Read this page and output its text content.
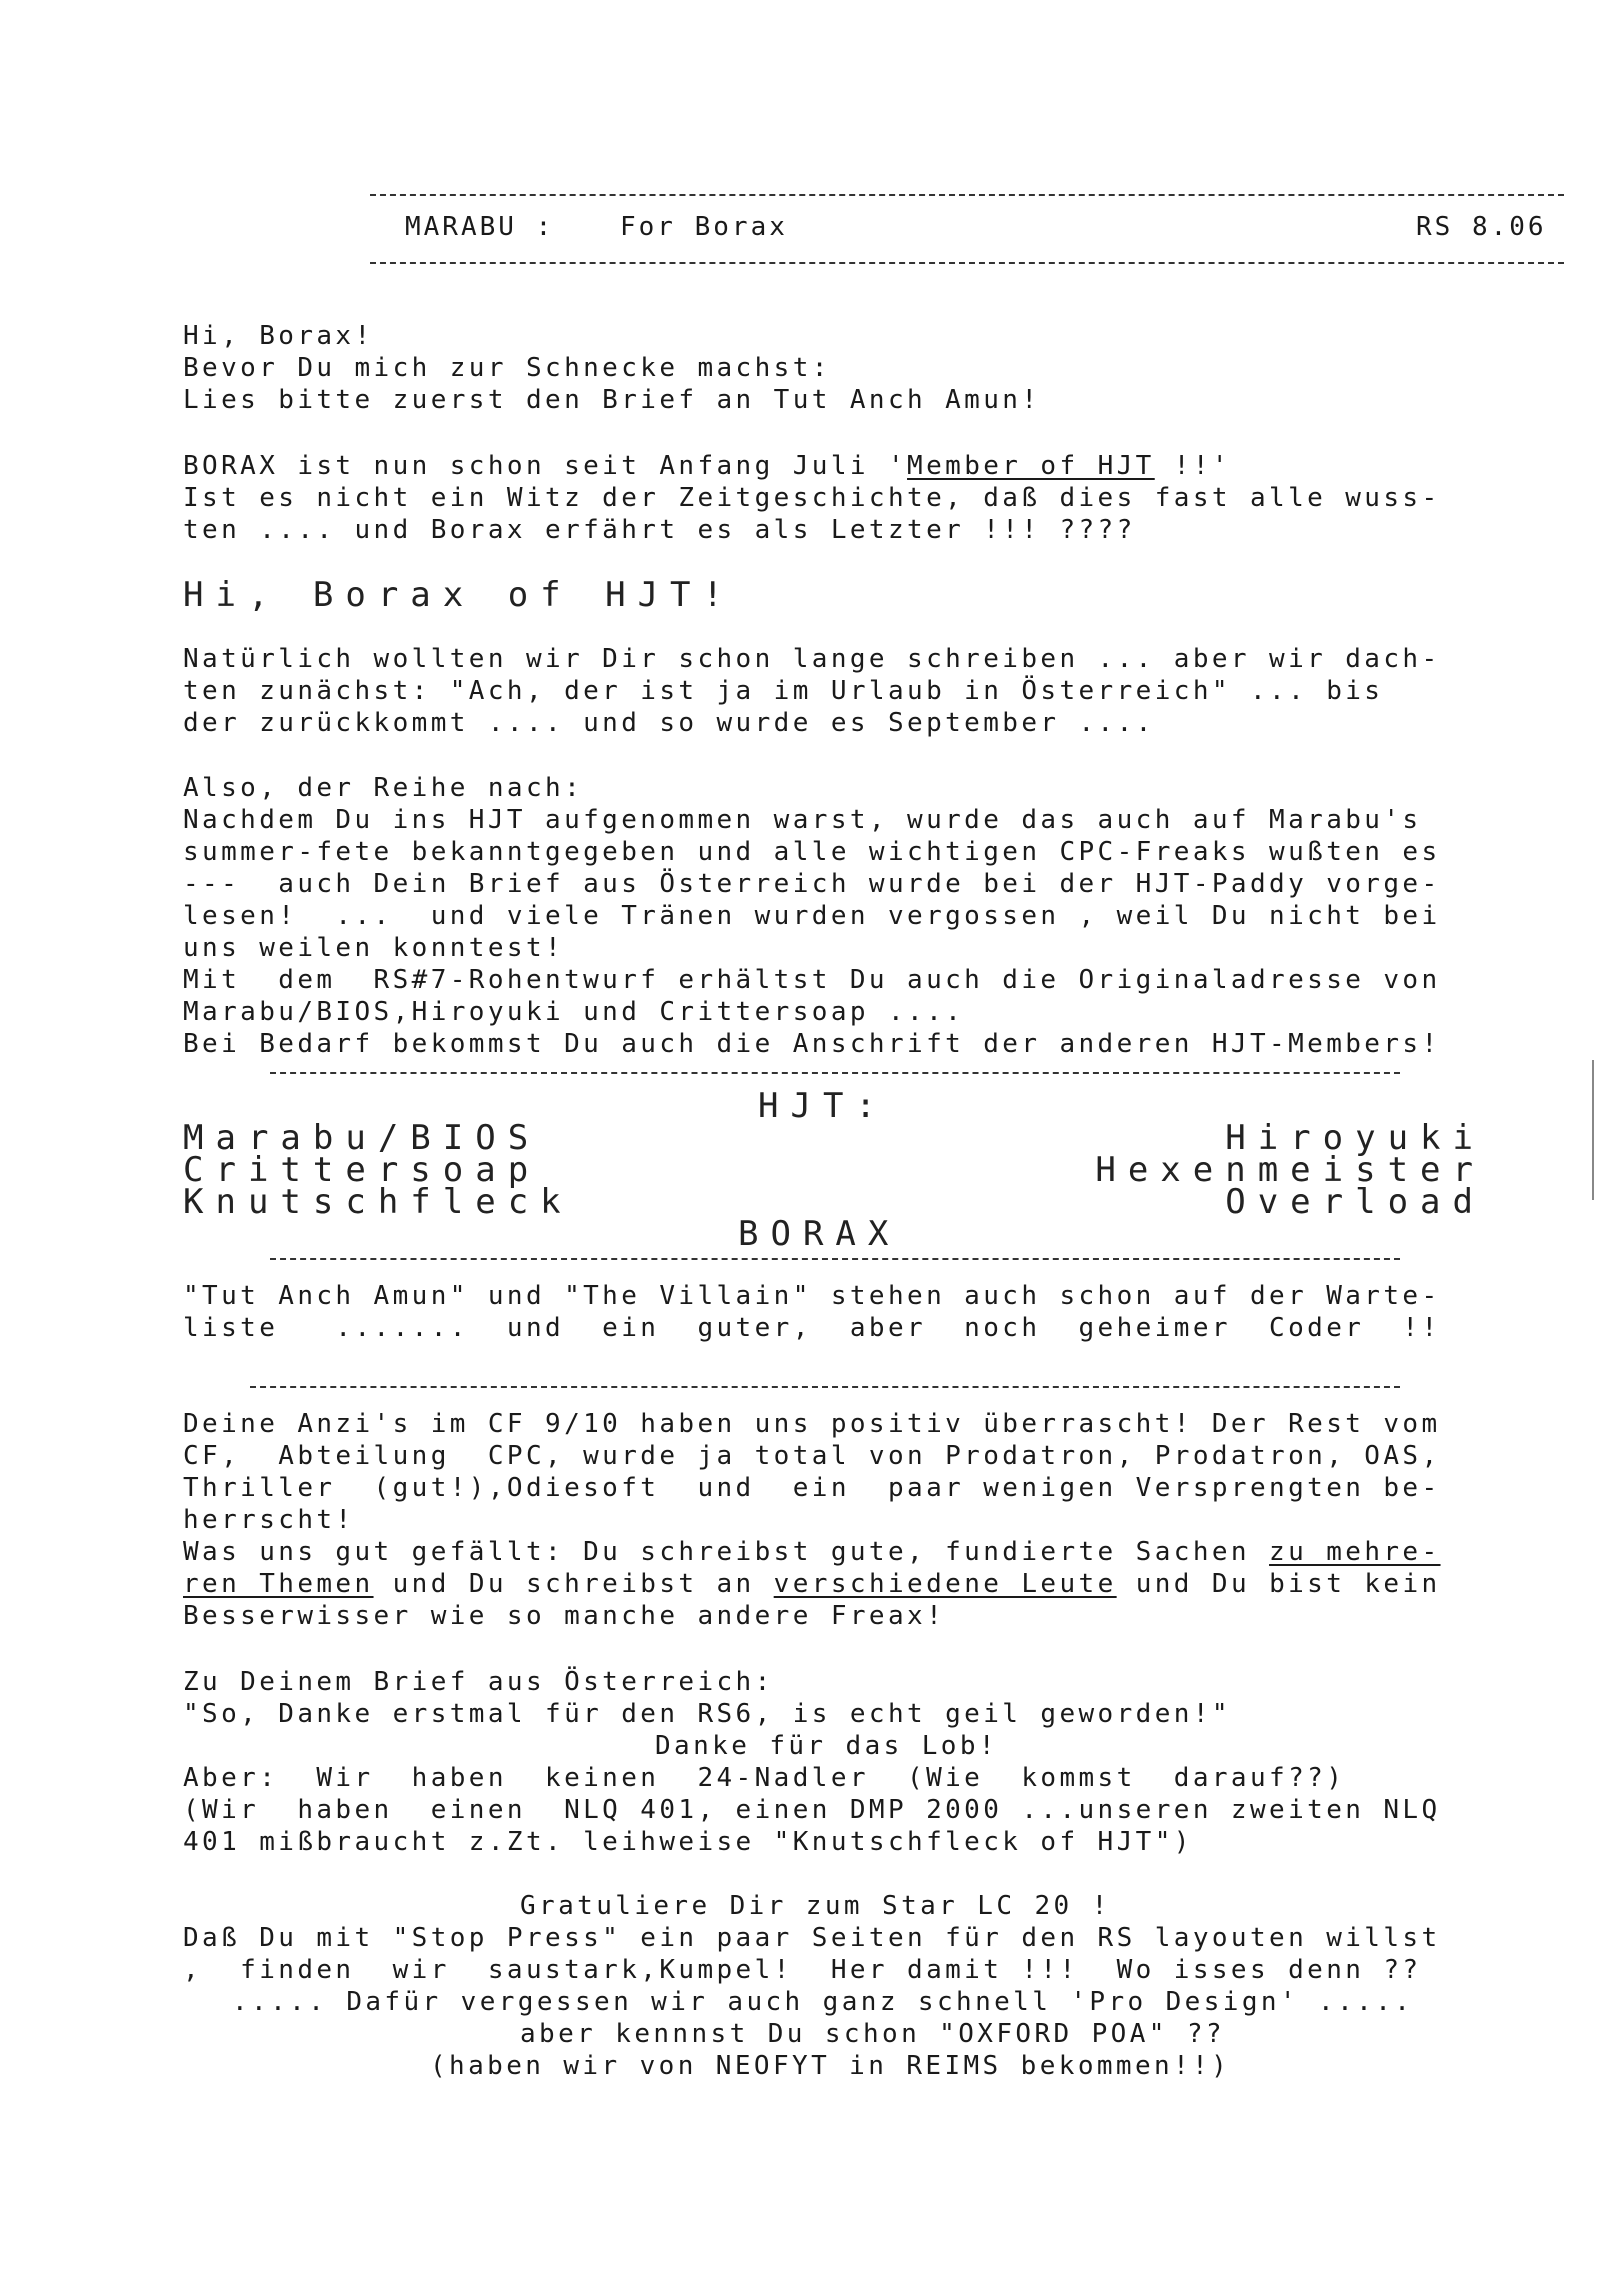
MARABU :	For Borax	RS 8.06
Hi, Borax!
Bevor Du mich zur Schnecke machst:
Lies bitte zuerst den Brief an Tut Anch Amun!
BORAX ist nun schon seit Anfang Juli 'Member of HJT !!'
Ist es nicht ein Witz der Zeitgeschichte, daß dies fast alle wuss-
ten .... und Borax erfährt es als Letzter !!! ????
Hi, Borax of HJT!
Natürlich wollten wir Dir schon lange schreiben ... aber wir dach-
ten zunächst: "Ach, der ist ja im Urlaub in Österreich" ... bis
der zurückkommt .... und so wurde es September ....
Also, der Reihe nach:
Nachdem Du ins HJT aufgenommen warst, wurde das auch auf Marabu's
summer-fete bekanntgegeben und alle wichtigen CPC-Freaks wußten es
---  auch Dein Brief aus Österreich wurde bei der HJT-Paddy vorge-
lesen!  ...  und viele Tränen wurden vergossen , weil Du nicht bei
uns weilen konntest!
Mit  dem  RS#7-Rohentwurf erhältst Du auch die Originaladresse von
Marabu/BIOS,Hiroyuki und Crittersoap ....
Bei Bedarf bekommst Du auch die Anschrift der anderen HJT-Members!
HJT:
Marabu/BIOS
Crittersoap
Knutschfleck
Hiroyuki
Hexenmeister
Overload
BORAX
"Tut Anch Amun" und "The Villain" stehen auch schon auf der Warte-
liste   .......  und  ein  guter,  aber  noch  geheimer  Coder  !!
Deine Anzi's im CF 9/10 haben uns positiv überrascht! Der Rest vom
CF,  Abteilung  CPC, wurde ja total von Prodatron, Prodatron, OAS,
Thriller  (gut!),Odiesoft  und  ein  paar wenigen Versprengten be-
herrscht!
Was uns gut gefällt: Du schreibst gute, fundierte Sachen zu mehre-
ren Themen und Du schreibst an verschiedene Leute und Du bist kein
Besserwisser wie so manche andere Freax!
Zu Deinem Brief aus Österreich:
"So, Danke erstmal für den RS6, is echt geil geworden!"
Danke für das Lob!
Aber:  Wir  haben  keinen  24-Nadler  (Wie  kommst  darauf??)
(Wir  haben  einen  NLQ 401, einen DMP 2000 ...unseren zweiten NLQ
401 mißbraucht z.Zt. leihweise "Knutschfleck of HJT")
Gratuliere Dir zum Star LC 20 !
Daß Du mit "Stop Press" ein paar Seiten für den RS layouten willst
,  finden  wir  saustark,Kumpel!  Her damit !!!  Wo isses denn ??
..... Dafür vergessen wir auch ganz schnell 'Pro Design' .....
aber kennnst Du schon "OXFORD POA" ??
(haben wir von NEOFYT in REIMS bekommen!!)
